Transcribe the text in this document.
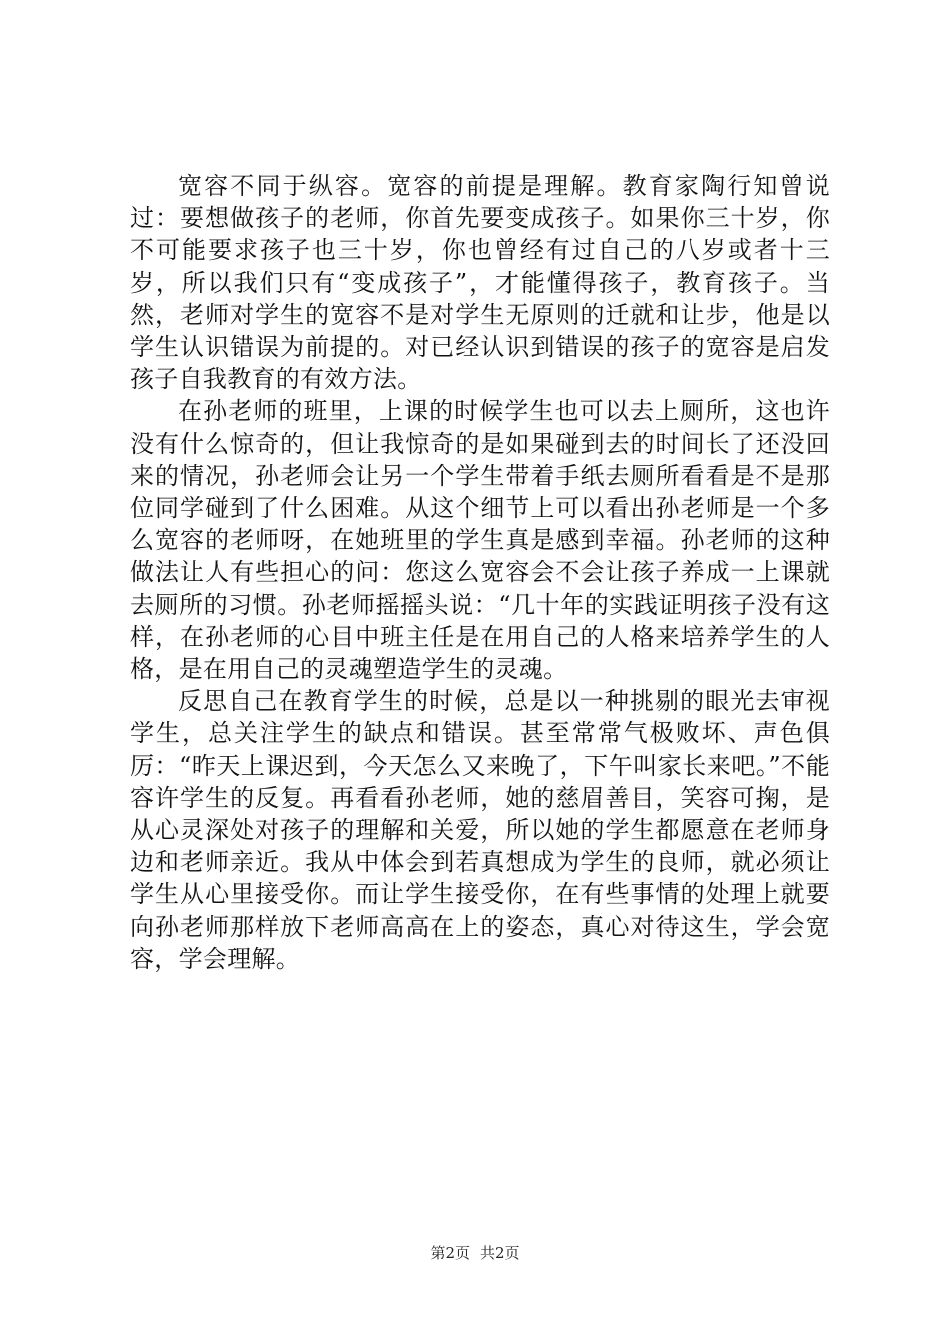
宽容不同于纵容。宽容的前提是理解。教育家陶行知曾说过：要想做孩子的老师，你首先要变成孩子。如果你三十岁，你不可能要求孩子也三十岁，你也曾经有过自己的八岁或者十三岁，所以我们只有“变成孩子”，才能懂得孩子，教育孩子。当然，老师对学生的宽容不是对学生无原则的迁就和让步，他是以学生认识错误为前提的。对已经认识到错误的孩子的宽容是启发孩子自我教育的有效方法。

在孙老师的班里，上课的时候学生也可以去上厕所，这也许没有什么惊奇的，但让我惊奇的是如果碰到去的时间长了还没回来的情况，孙老师会让另一个学生带着手纸去厕所看看是不是那位同学碰到了什么困难。从这个细节上可以看出孙老师是一个多么宽容的老师呀，在她班里的学生真是感到幸福。孙老师的这种做法让人有些担心的问：您这么宽容会不会让孩子养成一上课就去厕所的习惯。孙老师摇摇头说：“几十年的实践证明孩子没有这样，在孙老师的心目中班主任是在用自己的人格来培养学生的人格，是在用自己的灵魂塑造学生的灵魂。

反思自己在教育学生的时候，总是以一种挑剔的眼光去审视学生，总关注学生的缺点和错误。甚至常常气极败坏、声色俱厉：“昨天上课迟到，今天怎么又来晚了，下午叫家长来吧。”不能容许学生的反复。再看看孙老师，她的慈眉善目，笑容可掬，是从心灵深处对孩子的理解和关爱，所以她的学生都愿意在老师身边和老师亲近。我从中体会到若真想成为学生的良师，就必须让学生从心里接受你。而让学生接受你，在有些事情的处理上就要向孙老师那样放下老师高高在上的姿态，真心对待这生，学会宽容，学会理解。

第2页 共2页
